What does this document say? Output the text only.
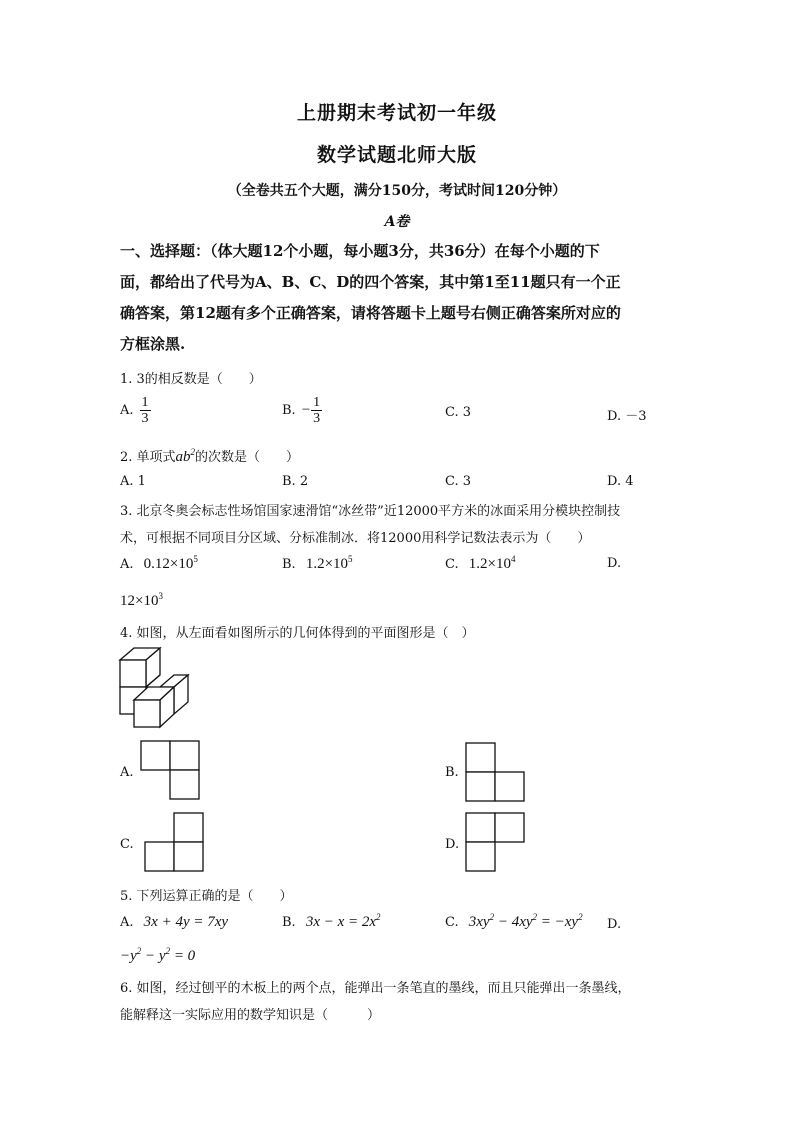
上册期末考试初一年级
数学试题北师大版
（全卷共五个大题，满分150分，考试时间120分钟）
A卷
一、选择题：（体大题12个小题，每小题3分，共36分）在每个小题的下
面，都给出了代号为A、B、C、D的四个答案，其中第1至11题只有一个正
确答案，第12题有多个正确答案，请将答题卡上题号右侧正确答案所对应的
方框涂黑.
1. 3的相反数是（　　）
A. $\frac{1}{3}$	B. − $\frac{1}{3}$	C. 3	D. －3
2. 单项式$ab^2$的次数是（　　）
A. 1	B. 2	C. 3	D. 4
3. 北京冬奥会标志性场馆国家速滑馆“冰丝带”近12000平方米的冰面采用分模块控制技
术，可根据不同项目分区域、分标准制冰．将12000用科学记数法表示为（　　）
A. $0.12\times 10^5$	B. $1.2\times 10^5$	C. $1.2\times 10^4$	D.
$12\times 10^3$
4. 如图，从左面看如图所示的几何体得到的平面图形是（　）
A.	B.
C.	D.
5. 下列运算正确的是（　　）
A. 3x + 4y = 7xy	B. $3x - x = 2x^2$	C. $3xy^2 - 4xy^2 = -xy^2$ D.
$-y^2 - y^2 = 0$
6. 如图，经过刨平的木板上的两个点，能弹出一条笔直的墨线，而且只能弹出一条墨线，
能解释这一实际应用的数学知识是（　　　）
